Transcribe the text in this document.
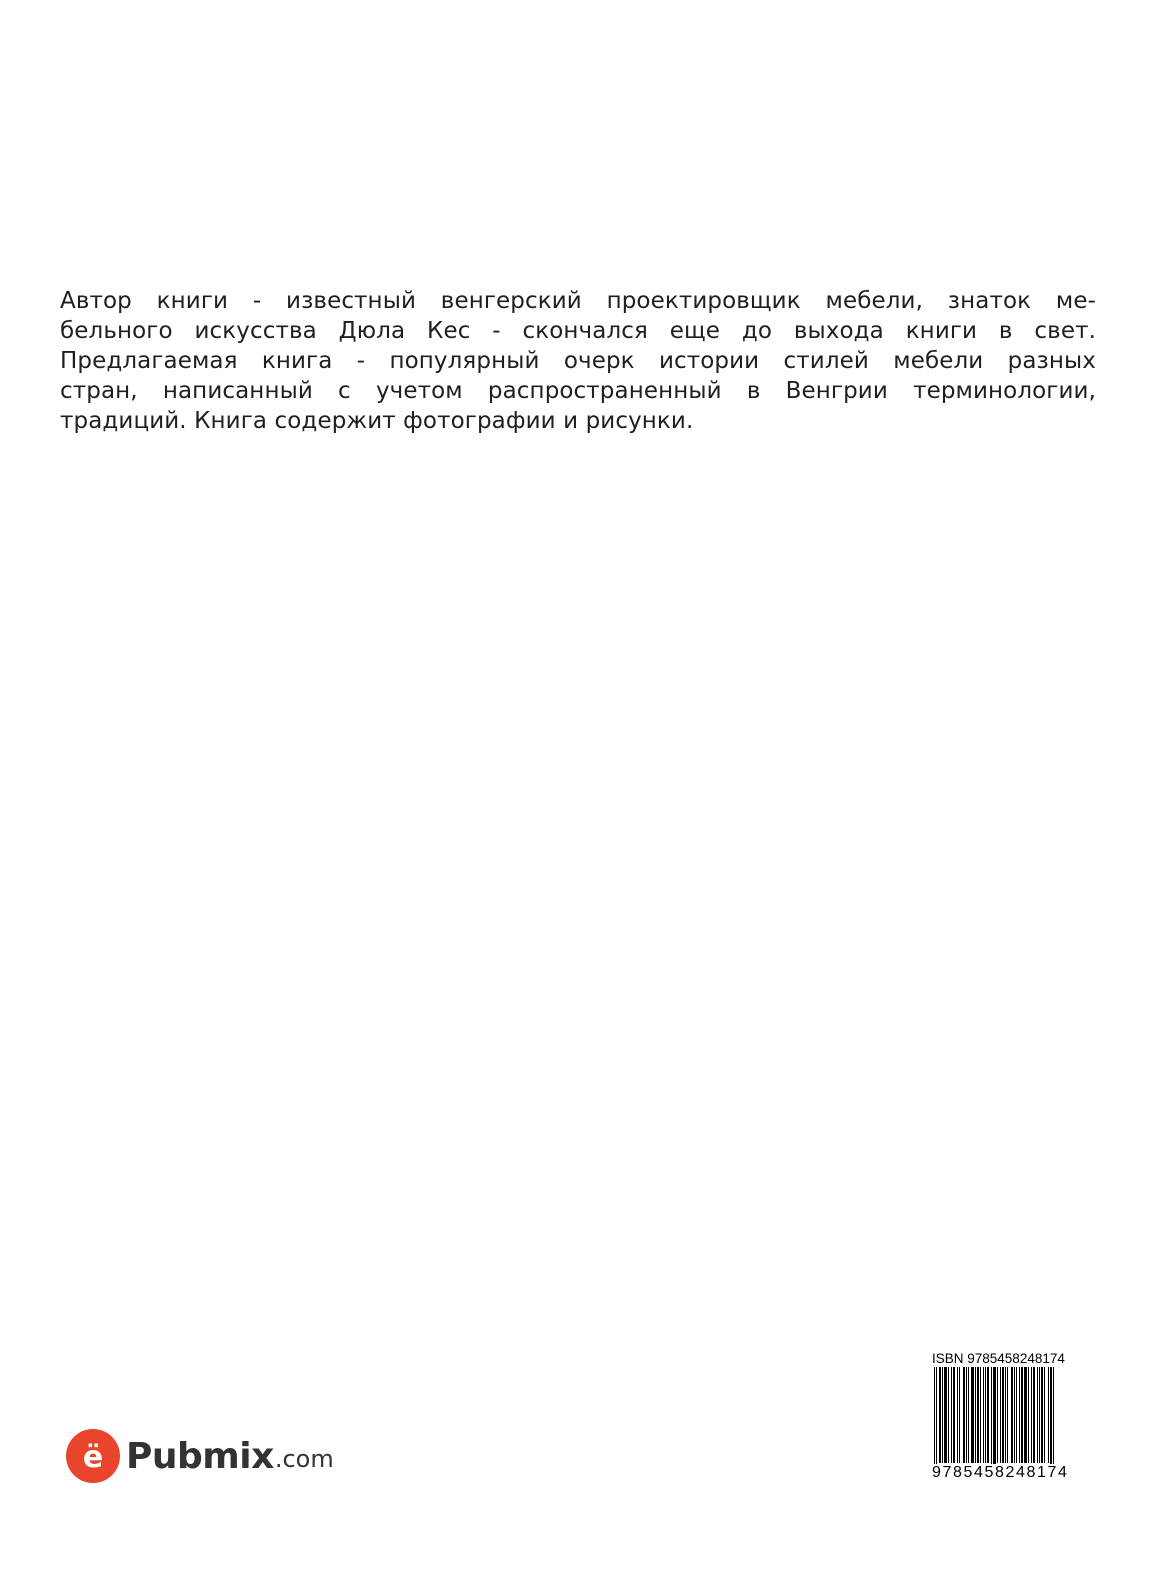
Автор книги - известный венгерский проектировщик мебели, знаток ме-
бельного искусства Дюла Кес - скончался еще до выхода книги в свет.
Предлагаемая книга - популярный очерк истории стилей мебели разных
стран, написанный с учетом распространенный в Венгрии терминологии,
традиций. Книга содержит фотографии и рисунки.
ё Pubmix .com
ISBN 9785458248174
9785458248174
